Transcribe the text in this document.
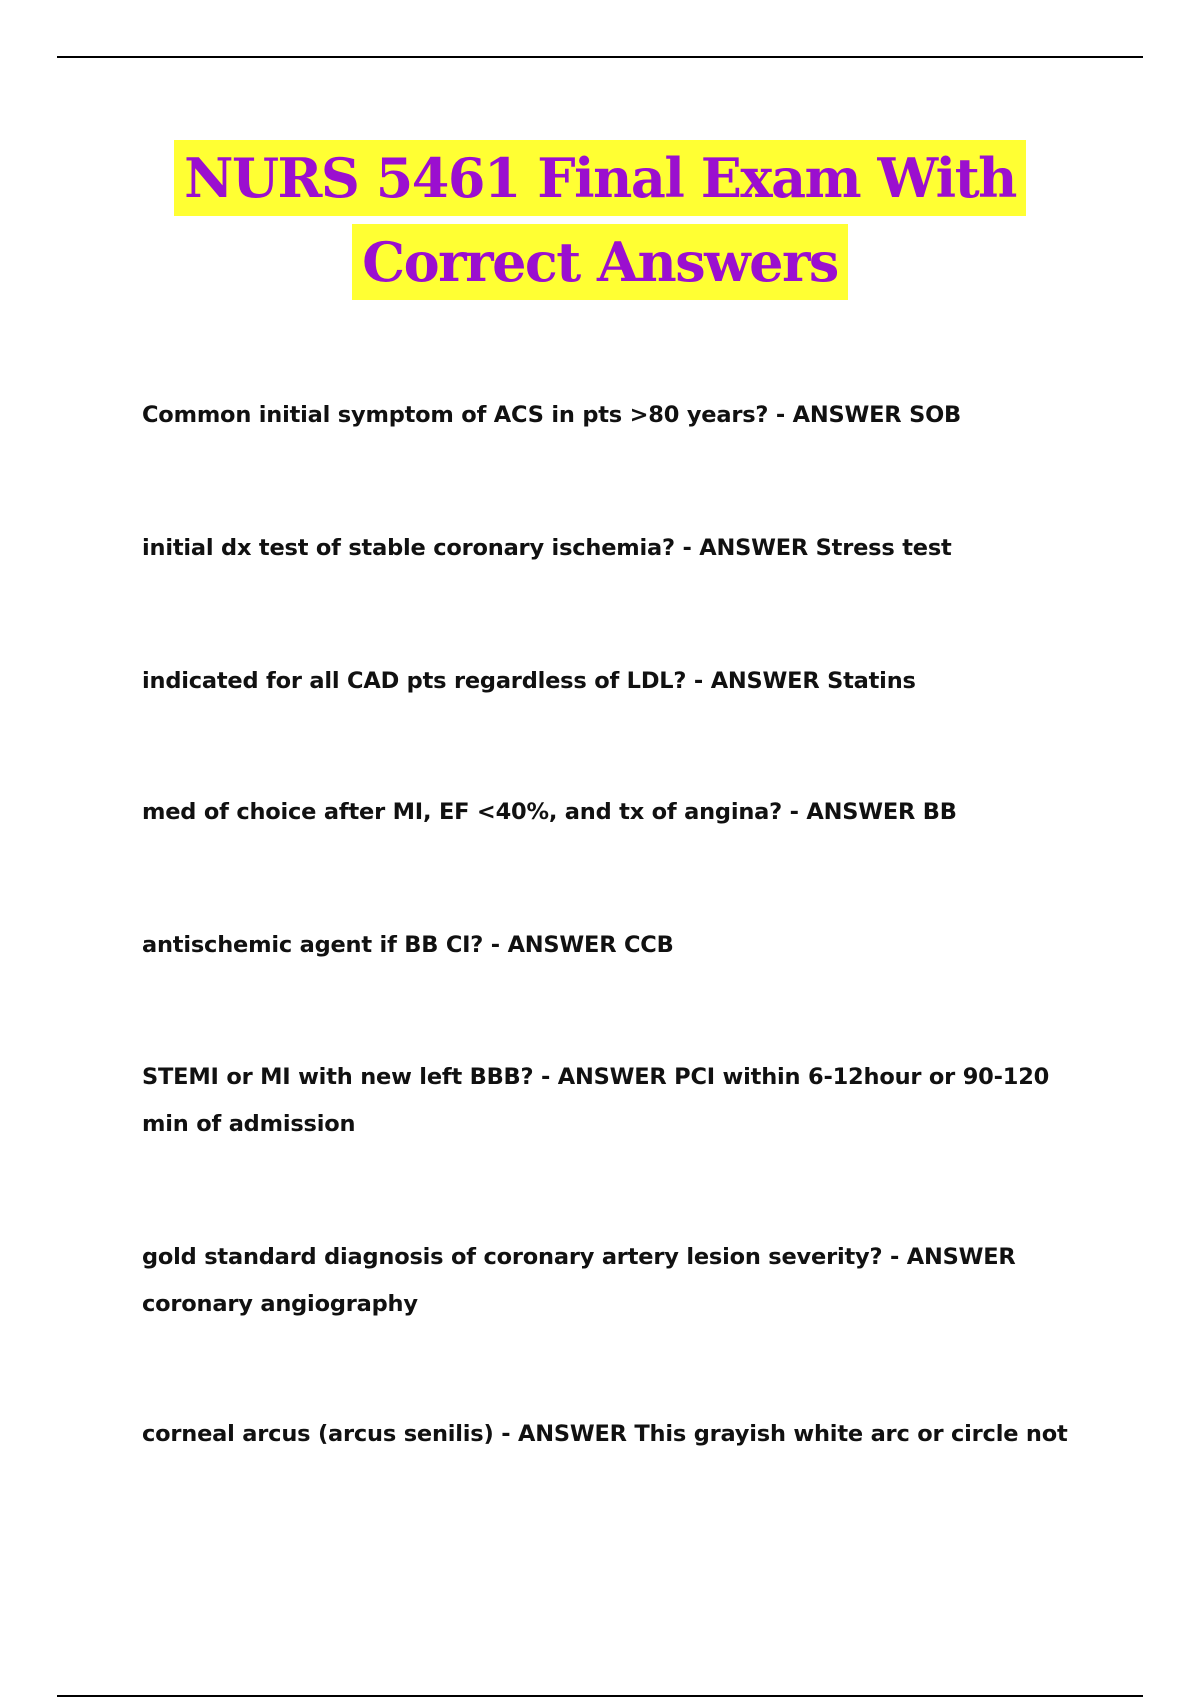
NURS 5461 Final Exam With
Correct Answers

Common initial symptom of ACS in pts >80 years? - ANSWER SOB

initial dx test of stable coronary ischemia? - ANSWER Stress test

indicated for all CAD pts regardless of LDL? - ANSWER Statins

med of choice after MI, EF <40%, and tx of angina? - ANSWER BB

antischemic agent if BB CI? - ANSWER CCB

STEMI or MI with new left BBB? - ANSWER PCI within 6-12hour or 90-120 min of admission

gold standard diagnosis of coronary artery lesion severity? - ANSWER coronary angiography

corneal arcus (arcus senilis) - ANSWER This grayish white arc or circle not
